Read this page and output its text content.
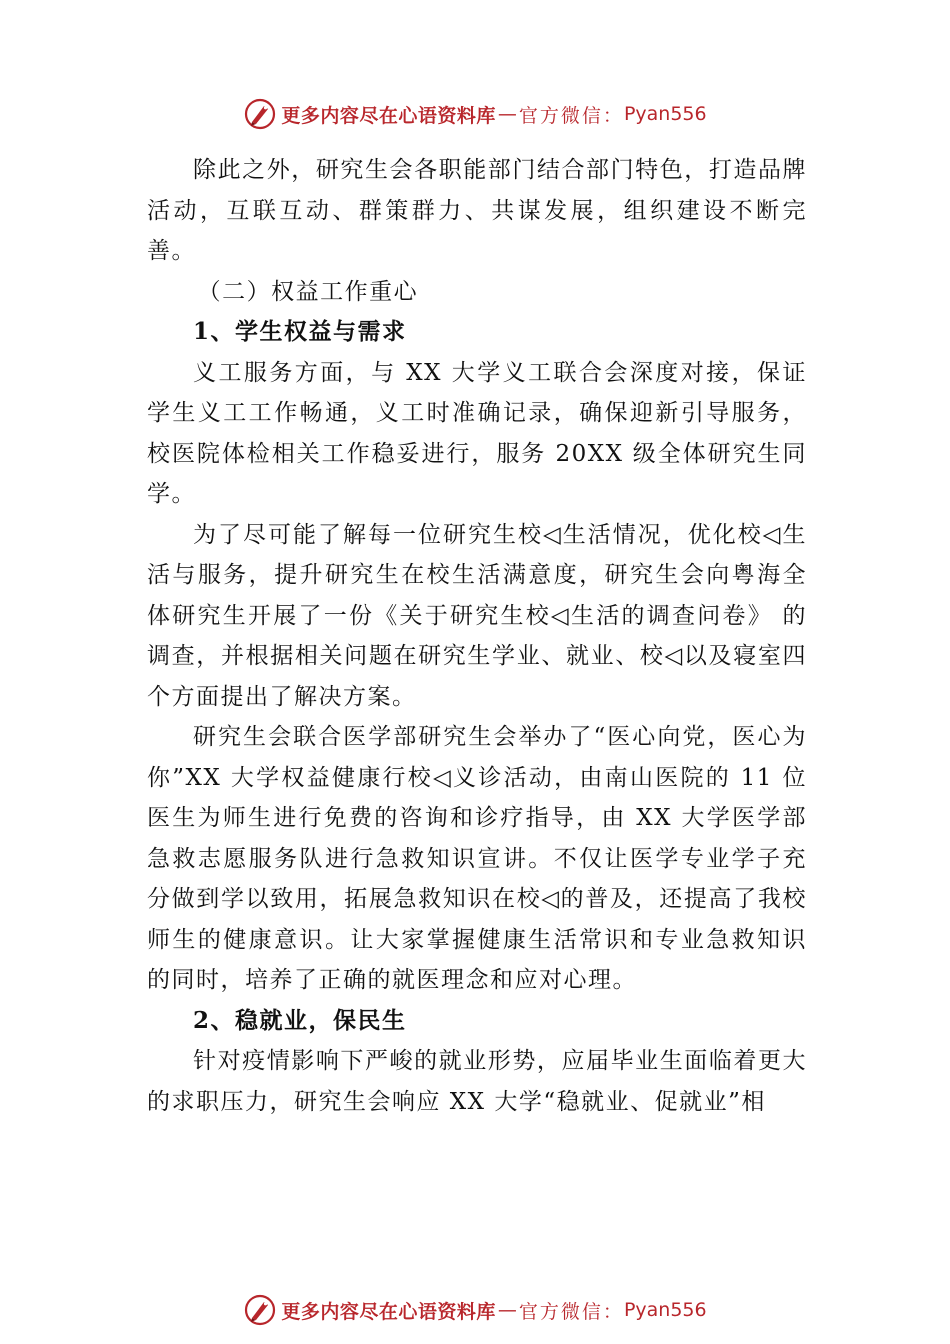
更多内容尽在心语资料库 — 官方微信： Pyan556

除此之外，研究生会各职能部门结合部门特色，打造品牌活动，互联互动、群策群力、共谋发展，组织建设不断完善。

（二）权益工作重心

1、学生权益与需求

义工服务方面，与 XX 大学义工联合会深度对接，保证学生义工工作畅通，义工时准确记录，确保迎新引导服务， 校医院体检相关工作稳妥进行，服务 20XX 级全体研究生同学。

为了尽可能了解每一位研究生校◁生活情况，优化校◁生活与服务，提升研究生在校生活满意度，研究生会向粤海全体研究生开展了一份《关于研究生校◁生活的调查问卷》 的调查，并根据相关问题在研究生学业、就业、校◁以及寝室四个方面提出了解决方案。

研究生会联合医学部研究生会举办了“医心向党，医心为你”XX 大学权益健康行校◁义诊活动，由南山医院的 11 位医生为师生进行免费的咨询和诊疗指导，由 XX 大学医学部急救志愿服务队进行急救知识宣讲。不仅让医学专业学子充分做到学以致用，拓展急救知识在校◁的普及，还提高了我校师生的健康意识。让大家掌握健康生活常识和专业急救知识的同时，培养了正确的就医理念和应对心理。

2、稳就业，保民生

针对疫情影响下严峻的就业形势，应届毕业生面临着更大的求职压力，研究生会响应 XX 大学“稳就业、促就业”相

更多内容尽在心语资料库 — 官方微信： Pyan556
